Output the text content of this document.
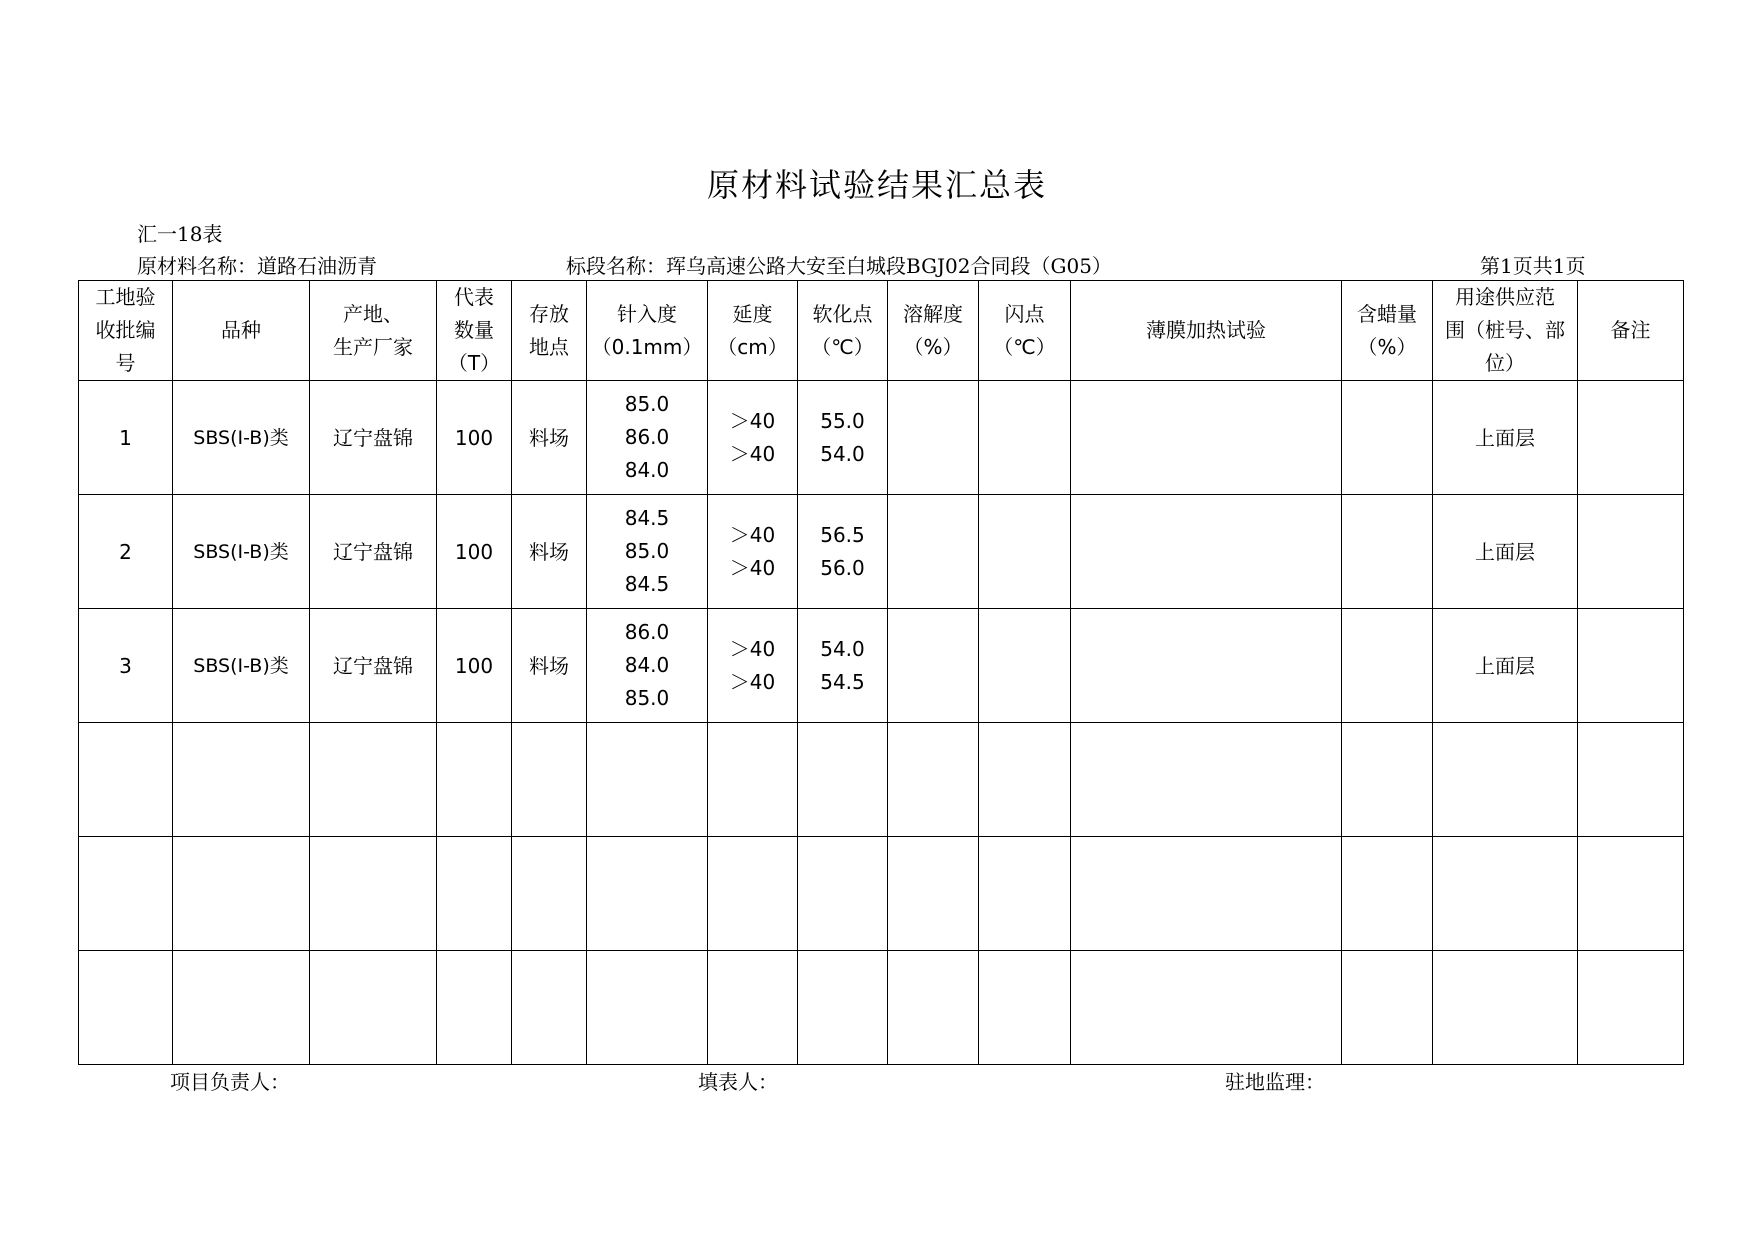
原材料试验结果汇总表
汇一18表
原材料名称：道路石油沥青	标段名称：珲乌高速公路大安至白城段BGJ02合同段（G05）	第1页共1页
工地验
收批编
号	品种	产地、
生产厂家	代表
数量
（T）	存放
地点	针入度
（0.1mm）	延度
（cm）	软化点
（℃）	溶解度
（%）	闪点
（℃）	薄膜加热试验	含蜡量
（%）	用途供应范
围（桩号、部
位）	备注

1	SBS(I-B)类	辽宁盘锦	100	料场	85.0
86.0
84.0	＞40
＞40	55.0
54.0					上面层	
2	SBS(I-B)类	辽宁盘锦	100	料场	84.5
85.0
84.5	＞40
＞40	56.5
56.0					上面层	
3	SBS(I-B)类	辽宁盘锦	100	料场	86.0
84.0
85.0	＞40
＞40	54.0
54.5					上面层	

项目负责人：	填表人：	驻地监理：
